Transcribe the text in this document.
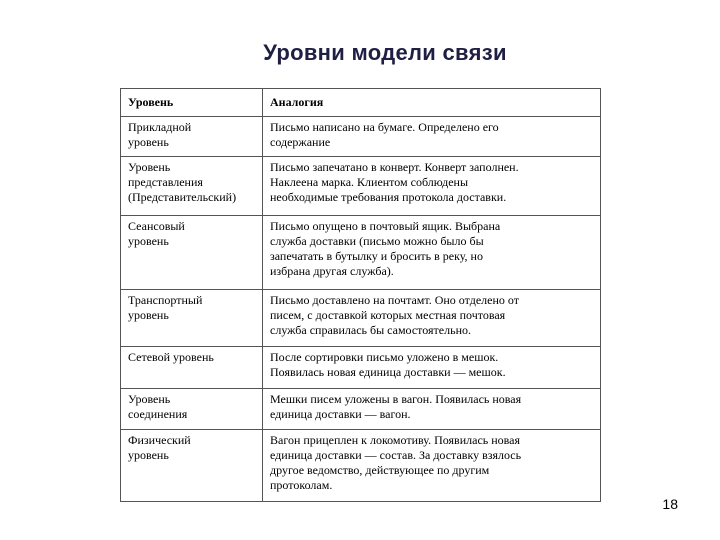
Уровни модели связи
Уровень	Аналогия

Прикладной
уровень	Письмо написано на бумаге. Определено его
содержание

Уровень
представления
(Представительский)	Письмо запечатано в конверт. Конверт заполнен.
Наклеена марка. Клиентом соблюдены
необходимые требования протокола доставки.

Сеансовый
уровень	Письмо опущено в почтовый ящик. Выбрана
служба доставки (письмо можно было бы
запечатать в бутылку и бросить в реку, но
избрана другая служба).

Транспортный
уровень	Письмо доставлено на почтамт. Оно отделено от
писем, с доставкой которых местная почтовая
служба справилась бы самостоятельно.

Сетевой уровень	После сортировки письмо уложено в мешок.
Появилась новая единица доставки — мешок.

Уровень
соединения	Мешки писем уложены в вагон. Появилась новая
единица доставки — вагон.

Физический
уровень	Вагон прицеплен к локомотиву. Появилась новая
единица доставки — состав. За доставку взялось
другое ведомство, действующее по другим
протоколам.
18
